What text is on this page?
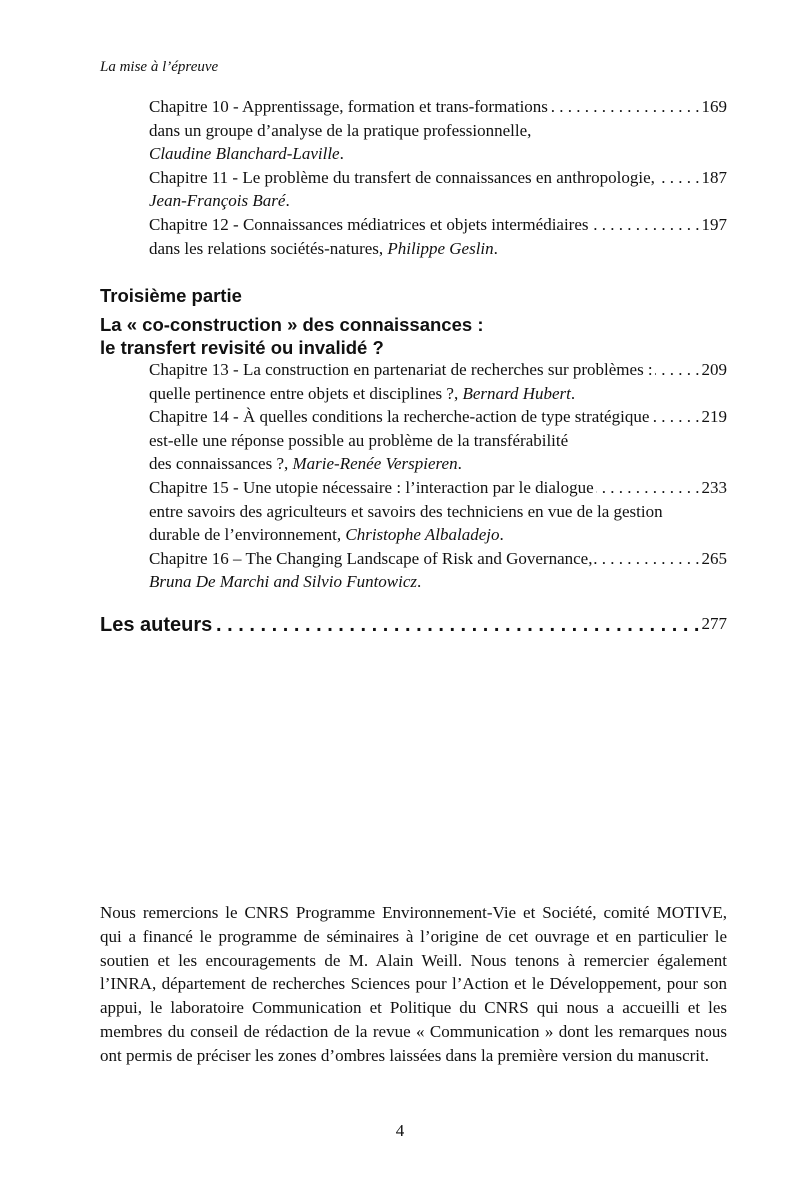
La mise à l’épreuve
Chapitre 10 - Apprentissage, formation et trans-formations . . .	169
dans un groupe d’analyse de la pratique professionnelle,
Claudine Blanchard-Laville.
Chapitre 11 - Le problème du transfert de connaissances en anthropologie, . . .	187
Jean-François Baré.
Chapitre 12 - Connaissances médiatrices et objets intermédiaires . . .	197
dans les relations sociétés-natures, Philippe Geslin.
Troisième partie
La « co-construction » des connaissances :
le transfert revisité ou invalidé ?
Chapitre 13 - La construction en partenariat de recherches sur problèmes : . . .	209
quelle pertinence entre objets et disciplines ?, Bernard Hubert.
Chapitre 14 - À quelles conditions la recherche-action de type stratégique . . .	219
est-elle une réponse possible au problème de la transférabilité
des connaissances ?, Marie-Renée Verspieren.
Chapitre 15 - Une utopie nécessaire : l’interaction par le dialogue . . .	233
entre savoirs des agriculteurs et savoirs des techniciens en vue de la gestion
durable de l’environnement, Christophe Albaladejo.
Chapitre 16 – The Changing Landscape of Risk and Governance, . . .	265
Bruna De Marchi and Silvio Funtowicz.
Les auteurs . . .	277
Nous remercions le CNRS Programme Environnement-Vie et Société, comité MOTIVE, qui a financé le programme de séminaires à l’origine de cet ouvrage et en particulier le soutien et les encouragements de M. Alain Weill. Nous tenons à remercier également l’INRA, département de recherches Sciences pour l’Action et le Développement, pour son appui, le laboratoire Communication et Politique du CNRS qui nous a accueilli et les membres du conseil de rédaction de la revue « Communication » dont les remarques nous ont permis de préciser les zones d’ombres laissées dans la première version du manuscrit.
4
